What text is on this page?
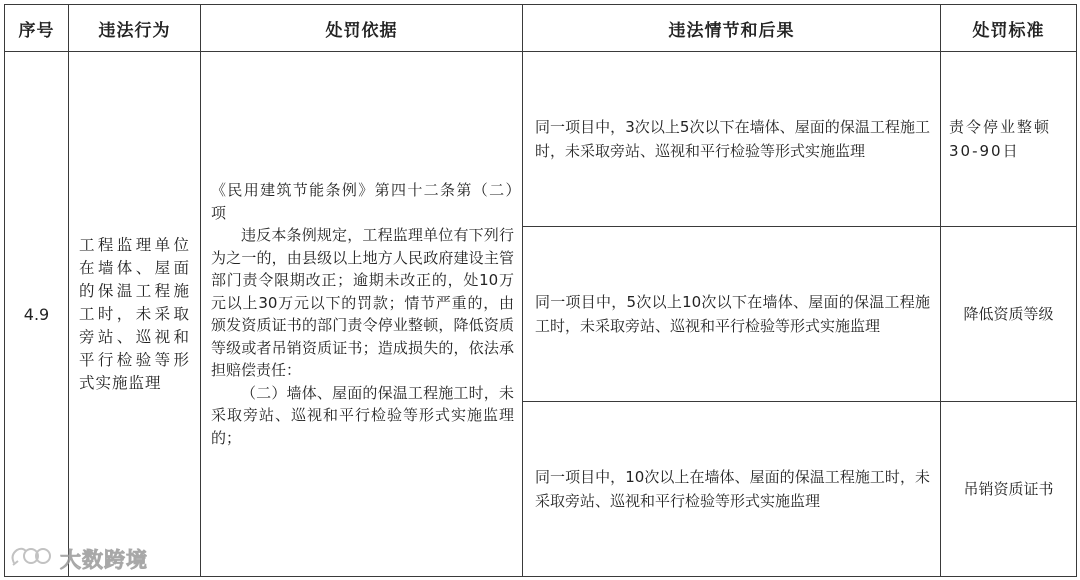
序号	违法行为	处罚依据	违法情节和后果	处罚标准
4.9	工程监理单位在墙体、屋面的保温工程施工时，未采取旁站、巡视和平行检验等形式实施监理	《民用建筑节能条例》第四十二条第（二）项

违反本条例规定，工程监理单位有下列行为之一的，由县级以上地方人民政府建设主管部门责令限期改正；逾期未改正的，处10万元以上30万元以下的罚款；情节严重的，由颁发资质证书的部门责令停业整顿，降低资质等级或者吊销资质证书；造成损失的，依法承担赔偿责任：

（二）墙体、屋面的保温工程施工时，未采取旁站、巡视和平行检验等形式实施监理的；	同一项目中，3次以上5次以下在墙体、屋面的保温工程施工时，未采取旁站、巡视和平行检验等形式实施监理	责令停业整顿30-90日
			同一项目中，5次以上10次以下在墙体、屋面的保温工程施工时，未采取旁站、巡视和平行检验等形式实施监理	降低资质等级
			同一项目中，10次以上在墙体、屋面的保温工程施工时，未采取旁站、巡视和平行检验等形式实施监理	吊销资质证书
大数跨境
